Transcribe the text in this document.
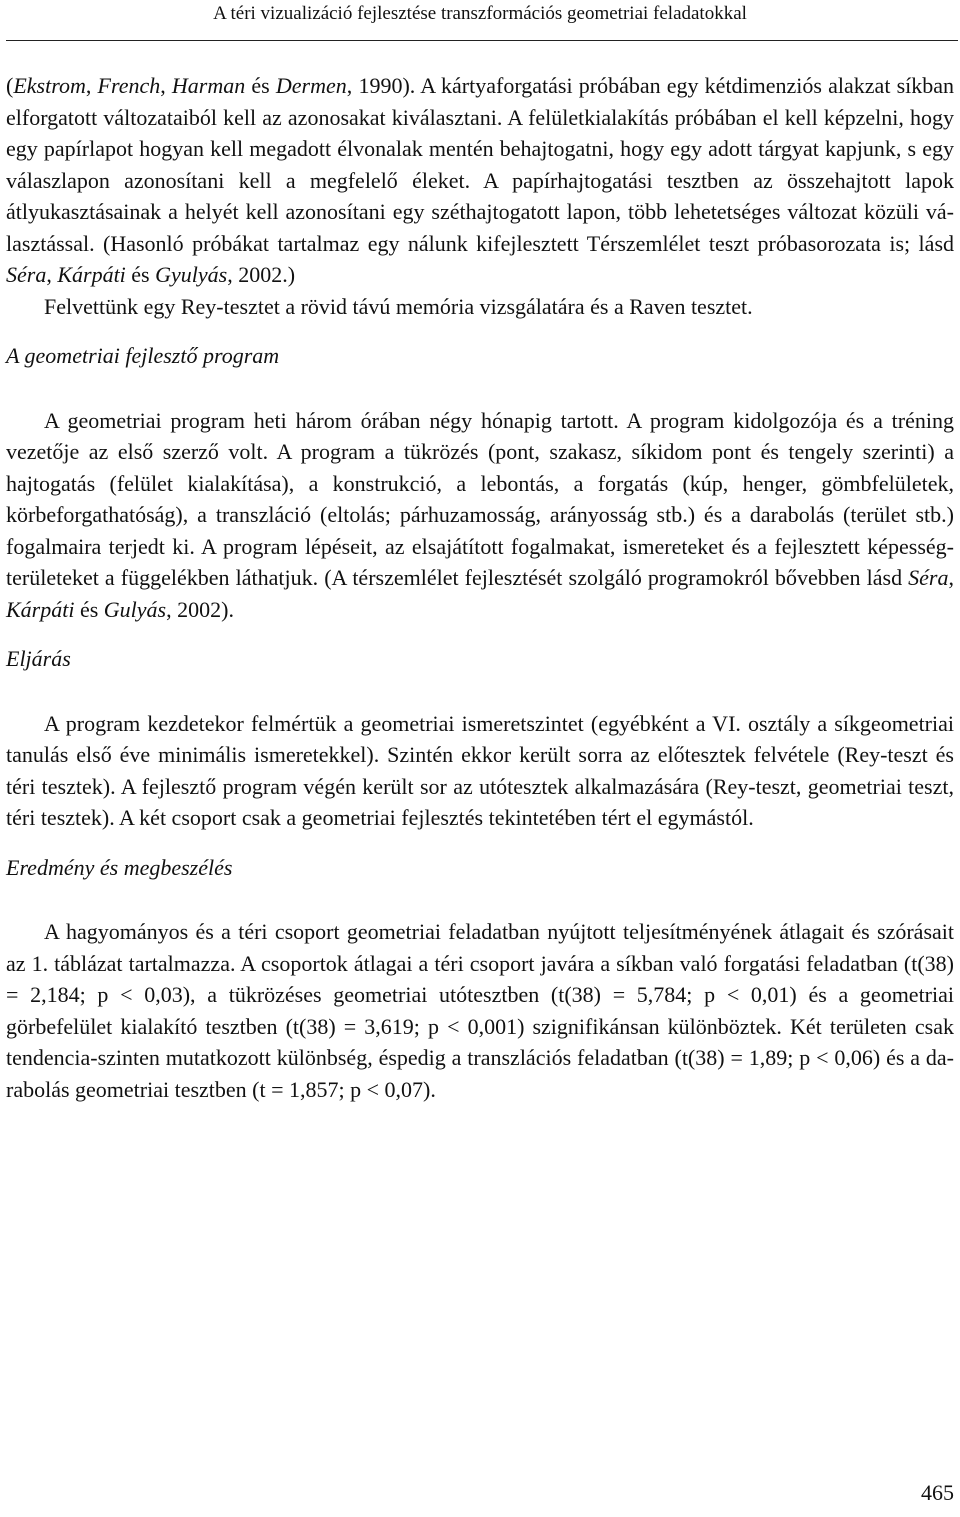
A téri vizualizáció fejlesztése transzformációs geometriai feladatokkal

(Ekstrom, French, Harman és Dermen, 1990). A kártyaforgatási próbában egy kétdimenziós alakzat síkban elforgatott változataiból kell az azonosakat kiválasztani. A felületkialakítás próbában el kell képzelni, hogy egy papírlapot hogyan kell megadott élvonalak mentén behajtogatni, hogy egy adott tárgyat kapjunk, s egy válaszlapon azonosítani kell a megfelelő éleket. A papírhajtogatási tesztben az összehajtott lapok átlyukasztásainak a helyét kell azonosítani egy széthajtogatott lapon, több lehetetséges változat közüli választással. (Hasonló próbákat tartalmaz egy nálunk kifejlesztett Térszemlélet teszt próbasorozata is; lásd Séra, Kárpáti és Gyulyás, 2002.)

Felvettünk egy Rey-tesztet a rövid távú memória vizsgálatára és a Raven tesztet.

A geometriai fejlesztő program

A geometriai program heti három órában négy hónapig tartott. A program kidolgozója és a tréning vezetője az első szerző volt. A program a tükrözés (pont, szakasz, síkidom pont és tengely szerinti) a hajtogatás (felület kialakítása), a konstrukció, a lebontás, a forgatás (kúp, henger, gömbfelületek, körbeforgathatóság), a transzláció (eltolás; párhuzamosság, arányosság stb.) és a darabolás (terület stb.) fogalmaira terjedt ki. A program lépéseit, az elsajátított fogalmakat, ismereteket és a fejlesztett képesség-területeket a függelékben láthatjuk. (A térszemlélet fejlesztését szolgáló programokról bővebben lásd Séra, Kárpáti és Gulyás, 2002).

Eljárás

A program kezdetekor felmértük a geometriai ismeretszintet (egyébként a VI. osztály a síkgeometriai tanulás első éve minimális ismeretekkel). Szintén ekkor került sorra az előtesztek felvétele (Rey-teszt és téri tesztek). A fejlesztő program végén került sor az utótesztek alkalmazására (Rey-teszt, geometriai teszt, téri tesztek). A két csoport csak a geometriai fejlesztés tekintetében tért el egymástól.

Eredmény és megbeszélés

A hagyományos és a téri csoport geometriai feladatban nyújtott teljesítményének átlagait és szórásait az 1. táblázat tartalmazza. A csoportok átlagai a téri csoport javára a síkban való forgatási feladatban (t(38) = 2,184; p < 0,03), a tükrözéses geometriai utótesztben (t(38) = 5,784; p < 0,01) és a geometriai görbefelület kialakító tesztben (t(38) = 3,619; p < 0,001) szignifikánsan különböztek. Két területen csak tendencia-szinten mutatkozott különbség, éspedig a transzlációs feladatban (t(38) = 1,89; p < 0,06) és a darabolás geometriai tesztben (t = 1,857; p < 0,07).

465
